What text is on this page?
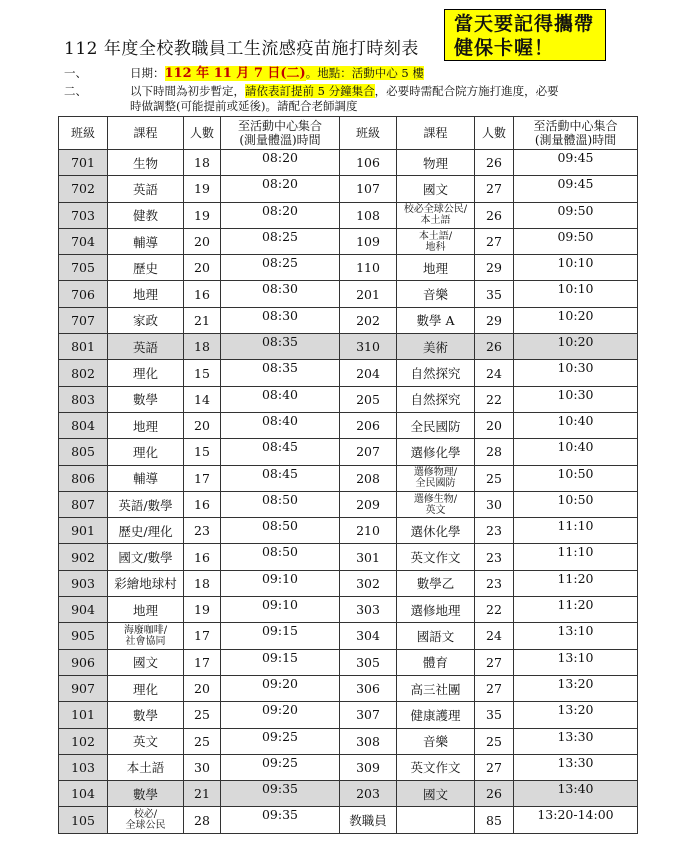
112 年度全校教職員工生流感疫苗施打時刻表
當天要記得攜帶
健保卡喔！
一、	日期：112 年 11 月 7 日(二)。地點：活動中心 5 樓
二、	以下時間為初步暫定，請依表訂提前 5 分鐘集合，必要時需配合院方施打進度，必要
時做調整(可能提前或延後)。請配合老師調度
班級	課程	人數	至活動中心集合
(測量體溫)時間	班級	課程	人數	至活動中心集合
(測量體溫)時間
701	生物	18	08:20	106	物理	26	09:45
702	英語	19	08:20	107	國文	27	09:45
703	健教	19	08:20	108	校必全球公民/
本土語	26	09:50
704	輔導	20	08:25	109	本土語/
地科	27	09:50
705	歷史	20	08:25	110	地理	29	10:10
706	地理	16	08:30	201	音樂	35	10:10
707	家政	21	08:30	202	數學 A	29	10:20
801	英語	18	08:35	310	美術	26	10:20
802	理化	15	08:35	204	自然探究	24	10:30
803	數學	14	08:40	205	自然探究	22	10:30
804	地理	20	08:40	206	全民國防	20	10:40
805	理化	15	08:45	207	選修化學	28	10:40
806	輔導	17	08:45	208	選修物理/
全民國防	25	10:50
807	英語/數學	16	08:50	209	選修生物/
英文	30	10:50
901	歷史/理化	23	08:50	210	選休化學	23	11:10
902	國文/數學	16	08:50	301	英文作文	23	11:10
903	彩繪地球村	18	09:10	302	數學乙	23	11:20
904	地理	19	09:10	303	選修地理	22	11:20
905	海廢咖啡/
社會協同	17	09:15	304	國語文	24	13:10
906	國文	17	09:15	305	體育	27	13:10
907	理化	20	09:20	306	高三社團	27	13:20
101	數學	25	09:20	307	健康護理	35	13:20
102	英文	25	09:25	308	音樂	25	13:30
103	本土語	30	09:25	309	英文作文	27	13:30
104	數學	21	09:35	203	國文	26	13:40
105	校必/
全球公民	28	09:35	教職員		85	13:20-14:00
